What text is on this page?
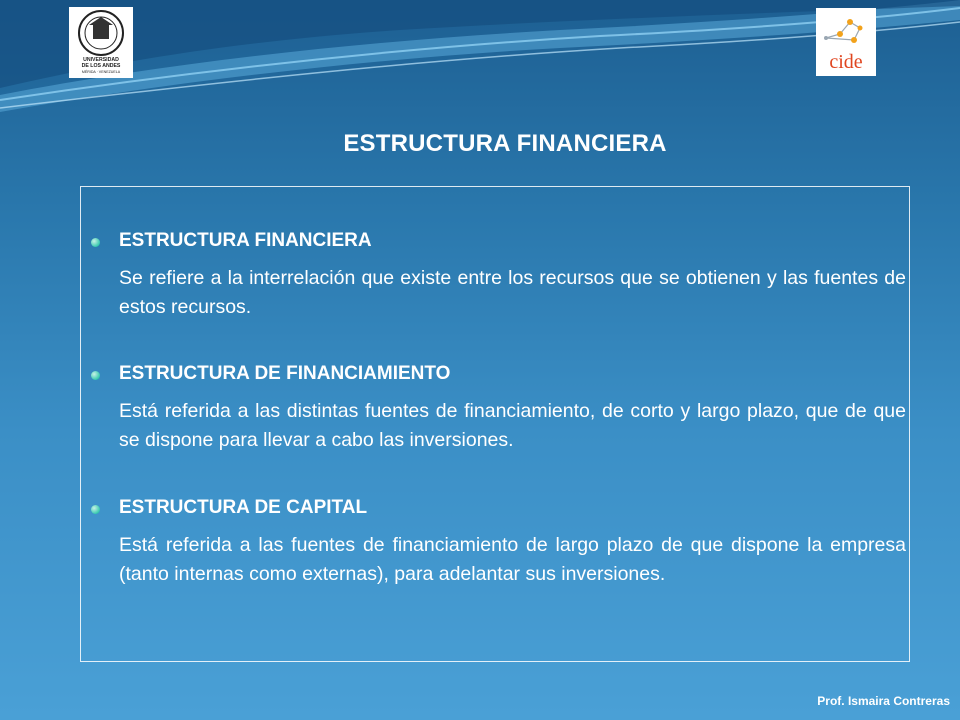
UNIVERSIDAD
DE LOS ANDES
MÉRIDA · VENEZUELA	cide
ESTRUCTURA FINANCIERA
ESTRUCTURA FINANCIERA
Se refiere a la interrelación que existe entre los recursos que se obtienen y las fuentes de estos recursos.
ESTRUCTURA DE FINANCIAMIENTO
Está referida a las distintas fuentes de financiamiento, de corto y largo plazo, que de que se dispone para llevar a cabo las inversiones.
ESTRUCTURA DE CAPITAL
Está referida a las fuentes de financiamiento de largo plazo de que dispone la empresa (tanto internas como externas), para adelantar sus inversiones.
Prof. Ismaira Contreras
